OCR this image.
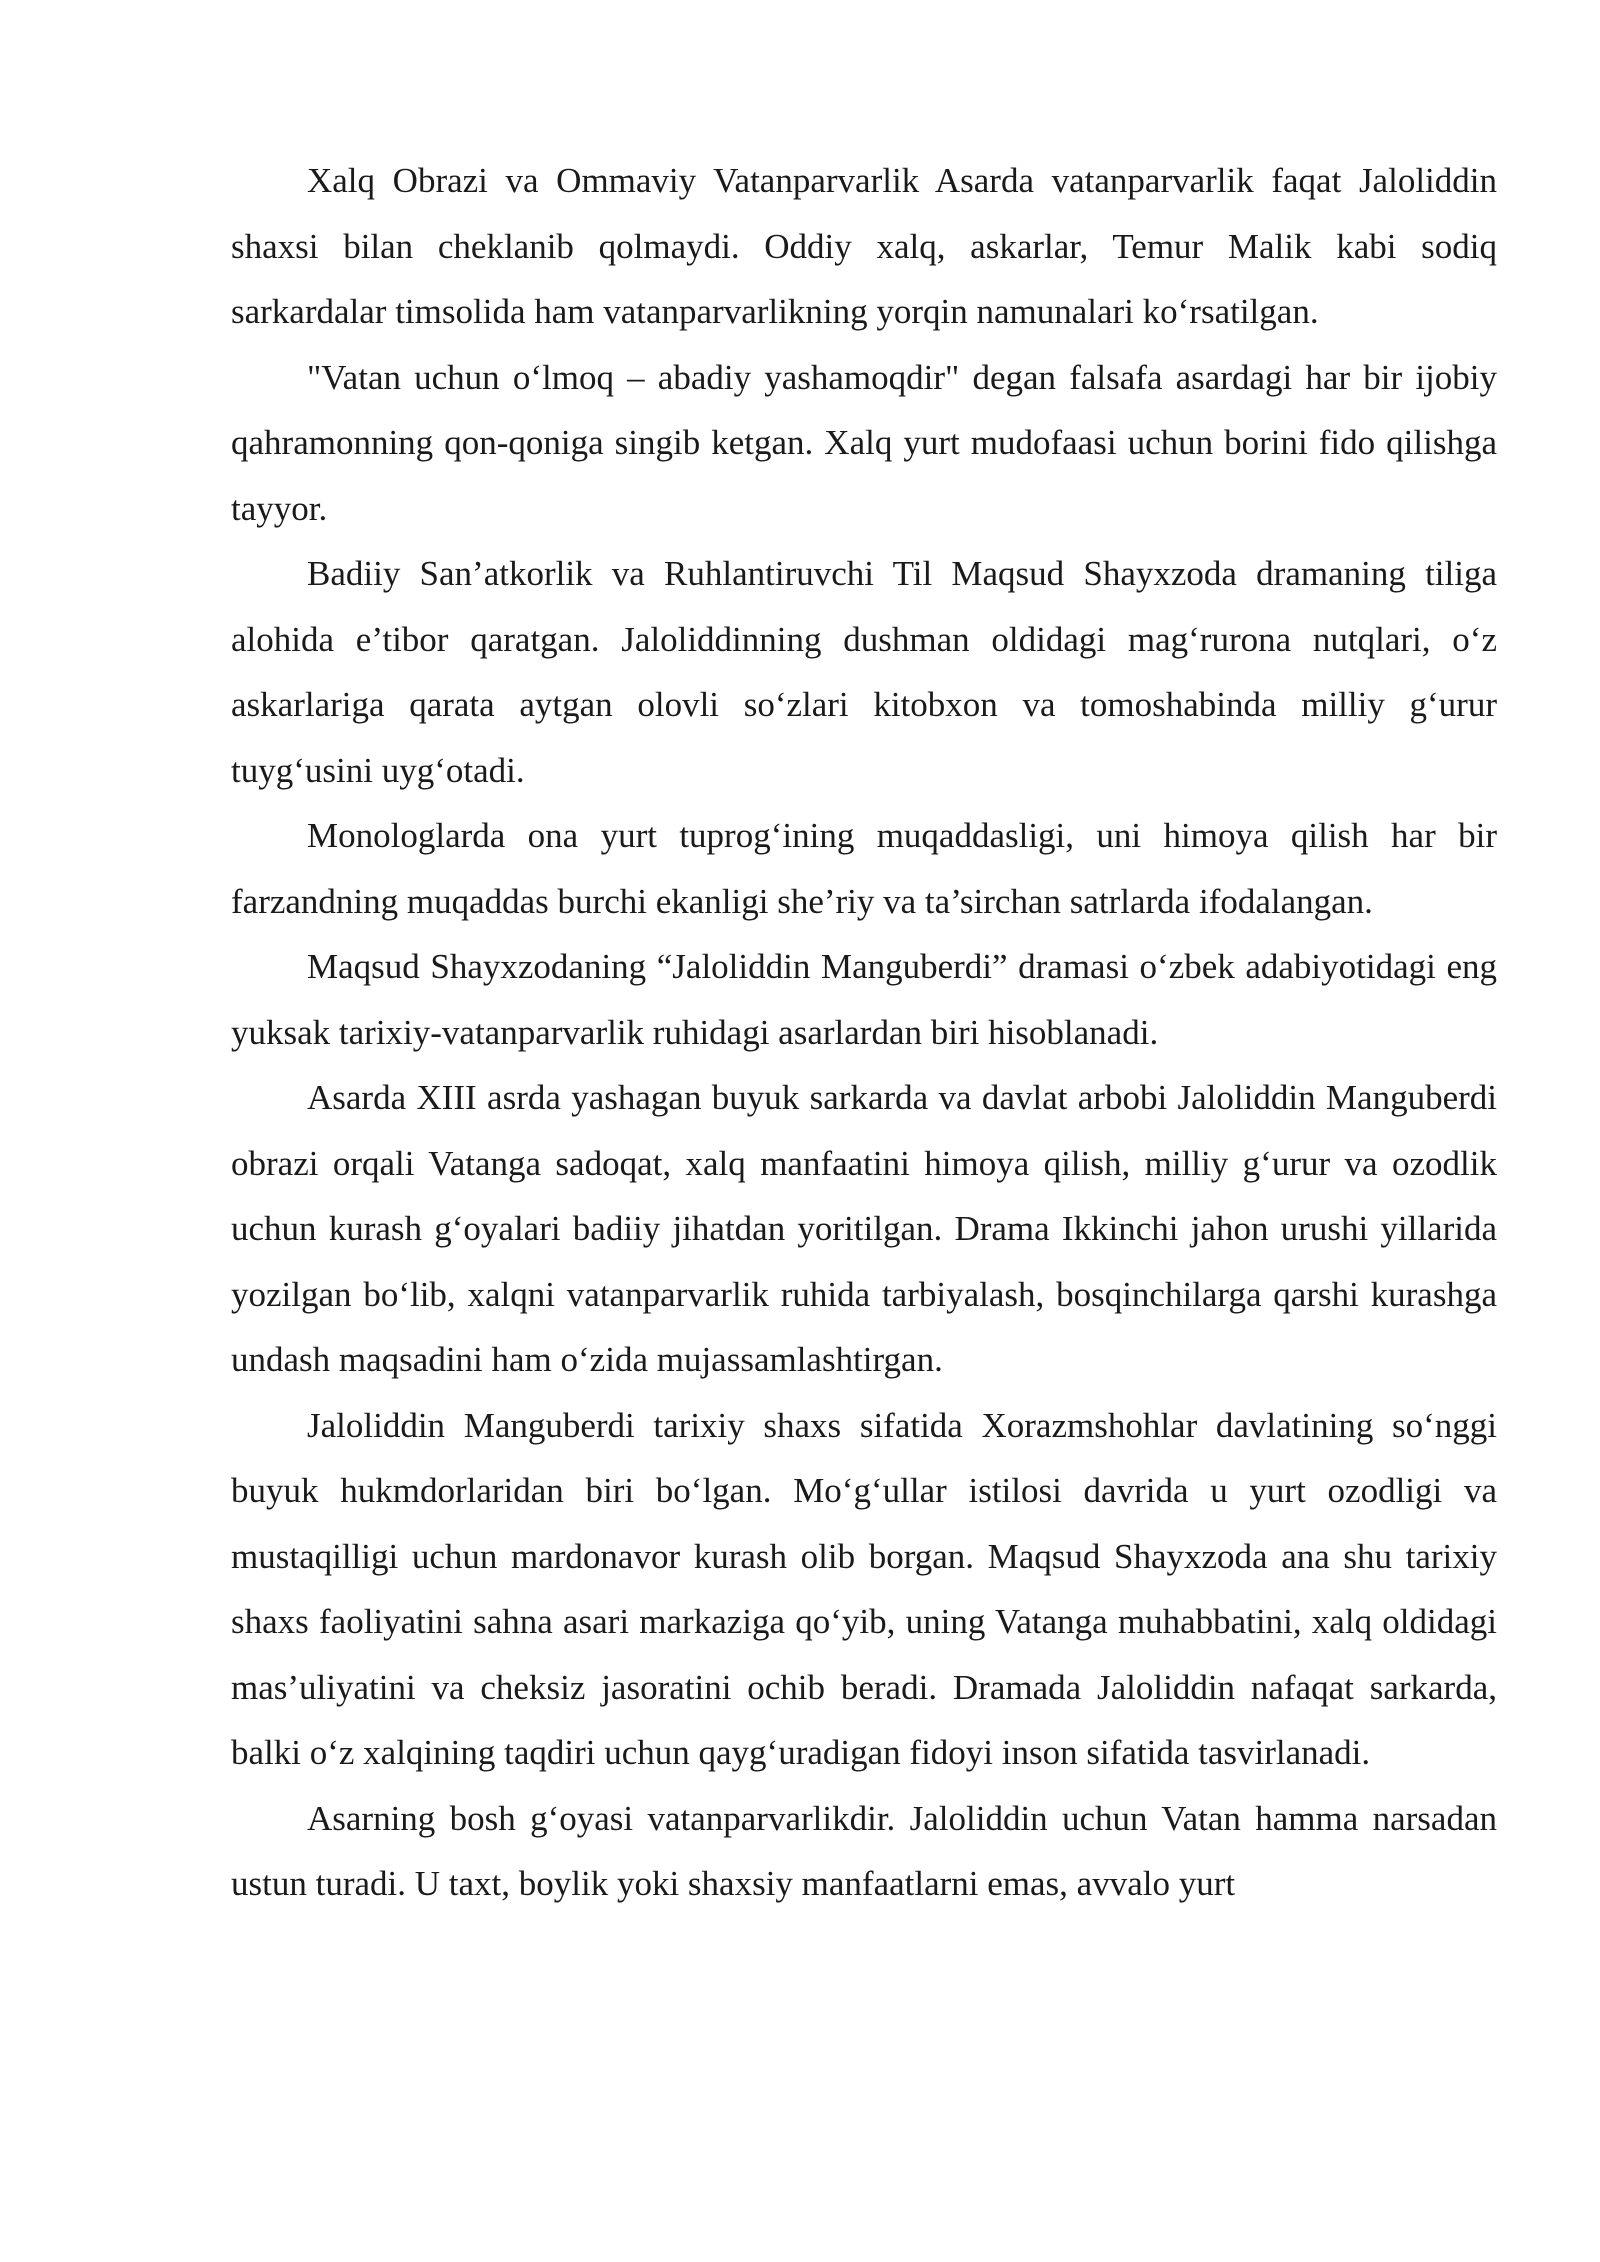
Xalq Obrazi va Ommaviy Vatanparvarlik Asarda vatanparvarlik faqat Jaloliddin shaxsi bilan cheklanib qolmaydi. Oddiy xalq, askarlar, Temur Malik kabi sodiq sarkardalar timsolida ham vatanparvarlikning yorqin namunalari koʻrsatilgan.

"Vatan uchun oʻlmoq – abadiy yashamoqdir" degan falsafa asardagi har bir ijobiy qahramonning qon-qoniga singib ketgan. Xalq yurt mudofaasi uchun borini fido qilishga tayyor.

Badiiy San’atkorlik va Ruhlantiruvchi Til Maqsud Shayxzoda dramaning tiliga alohida e’tibor qaratgan. Jaloliddinning dushman oldidagi magʻrurona nutqlari, oʻz askarlariga qarata aytgan olovli soʻzlari kitobxon va tomoshabinda milliy gʻurur tuygʻusini uygʻotadi.

Monologlarda ona yurt tuprogʻining muqaddasligi, uni himoya qilish har bir farzandning muqaddas burchi ekanligi she’riy va ta’sirchan satrlarda ifodalangan.

Maqsud Shayxzodaning “Jaloliddin Manguberdi” dramasi oʻzbek adabiyotidagi eng yuksak tarixiy-vatanparvarlik ruhidagi asarlardan biri hisoblanadi.

Asarda XIII asrda yashagan buyuk sarkarda va davlat arbobi Jaloliddin Manguberdi obrazi orqali Vatanga sadoqat, xalq manfaatini himoya qilish, milliy gʻurur va ozodlik uchun kurash gʻoyalari badiiy jihatdan yoritilgan. Drama Ikkinchi jahon urushi yillarida yozilgan boʻlib, xalqni vatanparvarlik ruhida tarbiyalash, bosqinchilarga qarshi kurashga undash maqsadini ham oʻzida mujassamlashtirgan.

Jaloliddin Manguberdi tarixiy shaxs sifatida Xorazmshohlar davlatining soʻnggi buyuk hukmdorlaridan biri boʻlgan. Moʻgʻullar istilosi davrida u yurt ozodligi va mustaqilligi uchun mardonavor kurash olib borgan. Maqsud Shayxzoda ana shu tarixiy shaxs faoliyatini sahna asari markaziga qoʻyib, uning Vatanga muhabbatini, xalq oldidagi mas’uliyatini va cheksiz jasoratini ochib beradi. Dramada Jaloliddin nafaqat sarkarda, balki oʻz xalqining taqdiri uchun qaygʻuradigan fidoyi inson sifatida tasvirlanadi.

Asarning bosh gʻoyasi vatanparvarlikdir. Jaloliddin uchun Vatan hamma narsadan ustun turadi. U taxt, boylik yoki shaxsiy manfaatlarni emas, avvalo yurt
